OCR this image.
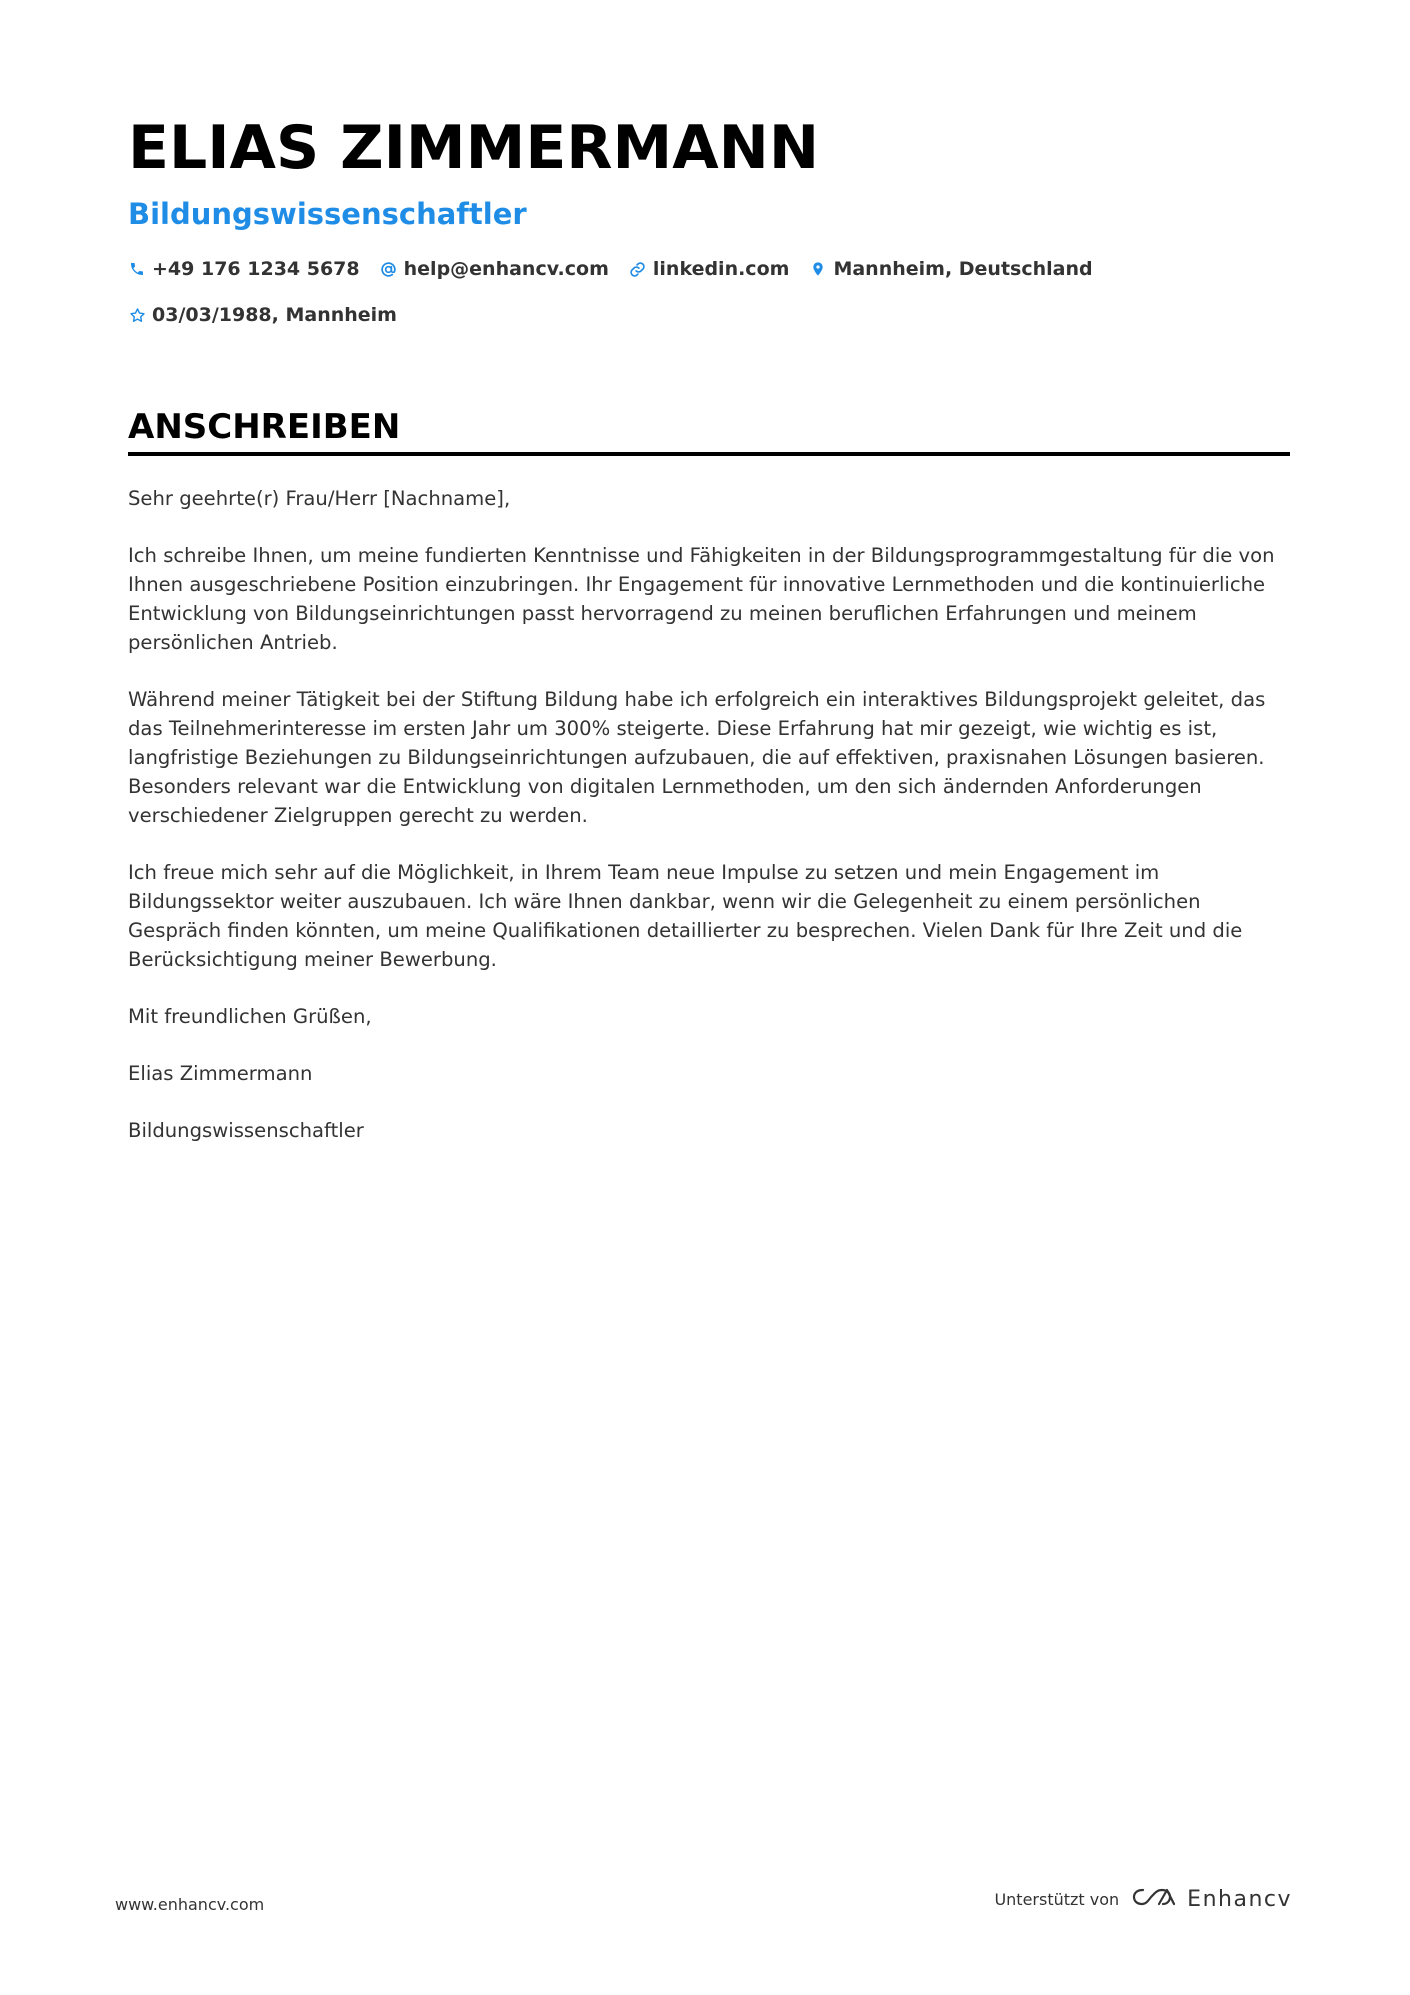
ELIAS ZIMMERMANN
Bildungswissenschaftler
+49 176 1234 5678 help@enhancv.com linkedin.com Mannheim, Deutschland
03/03/1988, Mannheim
ANSCHREIBEN

Sehr geehrte(r) Frau/Herr [Nachname],

Ich schreibe Ihnen, um meine fundierten Kenntnisse und Fähigkeiten in der Bildungsprogrammgestaltung für die von Ihnen ausgeschriebene Position einzubringen. Ihr Engagement für innovative Lernmethoden und die kontinuierliche Entwicklung von Bildungseinrichtungen passt hervorragend zu meinen beruflichen Erfahrungen und meinem persönlichen Antrieb.

Während meiner Tätigkeit bei der Stiftung Bildung habe ich erfolgreich ein interaktives Bildungsprojekt geleitet, das das Teilnehmerinteresse im ersten Jahr um 300% steigerte. Diese Erfahrung hat mir gezeigt, wie wichtig es ist, langfristige Beziehungen zu Bildungseinrichtungen aufzubauen, die auf effektiven, praxisnahen Lösungen basieren. Besonders relevant war die Entwicklung von digitalen Lernmethoden, um den sich ändernden Anforderungen verschiedener Zielgruppen gerecht zu werden.

Ich freue mich sehr auf die Möglichkeit, in Ihrem Team neue Impulse zu setzen und mein Engagement im Bildungssektor weiter auszubauen. Ich wäre Ihnen dankbar, wenn wir die Gelegenheit zu einem persönlichen Gespräch finden könnten, um meine Qualifikationen detaillierter zu besprechen. Vielen Dank für Ihre Zeit und die Berücksichtigung meiner Bewerbung.

Mit freundlichen Grüßen,

Elias Zimmermann

Bildungswissenschaftler

www.enhancv.com	Unterstützt von	Enhancv
